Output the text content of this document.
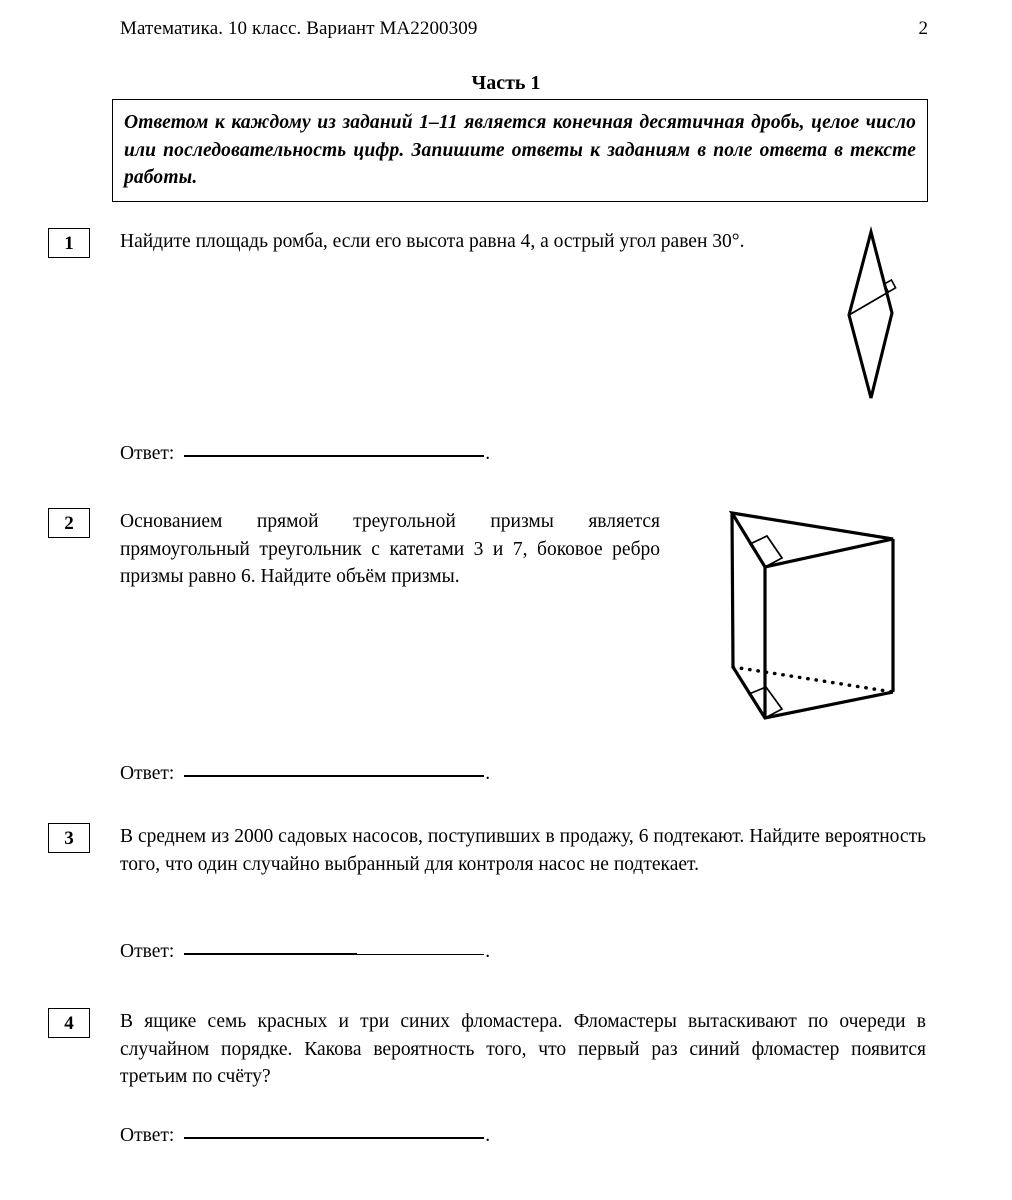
Математика. 10 класс. Вариант МА2200309	2
Часть 1

Ответом к каждому из заданий 1–11 является конечная десятичная дробь, целое число или последовательность цифр. Запишите ответы к заданиям в поле ответа в тексте работы.

1	Найдите площадь ромба, если его высота равна 4, а острый угол равен 30°.

Ответ:	.
2	Основанием прямой треугольной призмы является прямоугольный треугольник с катетами 3 и 7, боковое ребро призмы равно 6. Найдите объём призмы.

Ответ:	.
3	В среднем из 2000 садовых насосов, поступивших в продажу, 6 подтекают. Найдите вероятность того, что один случайно выбранный для контроля насос не подтекает.

Ответ:	.
4	В ящике семь красных и три синих фломастера. Фломастеры вытаскивают по очереди в случайном порядке. Какова вероятность того, что первый раз синий фломастер появится третьим по счёту?

Ответ:	.
